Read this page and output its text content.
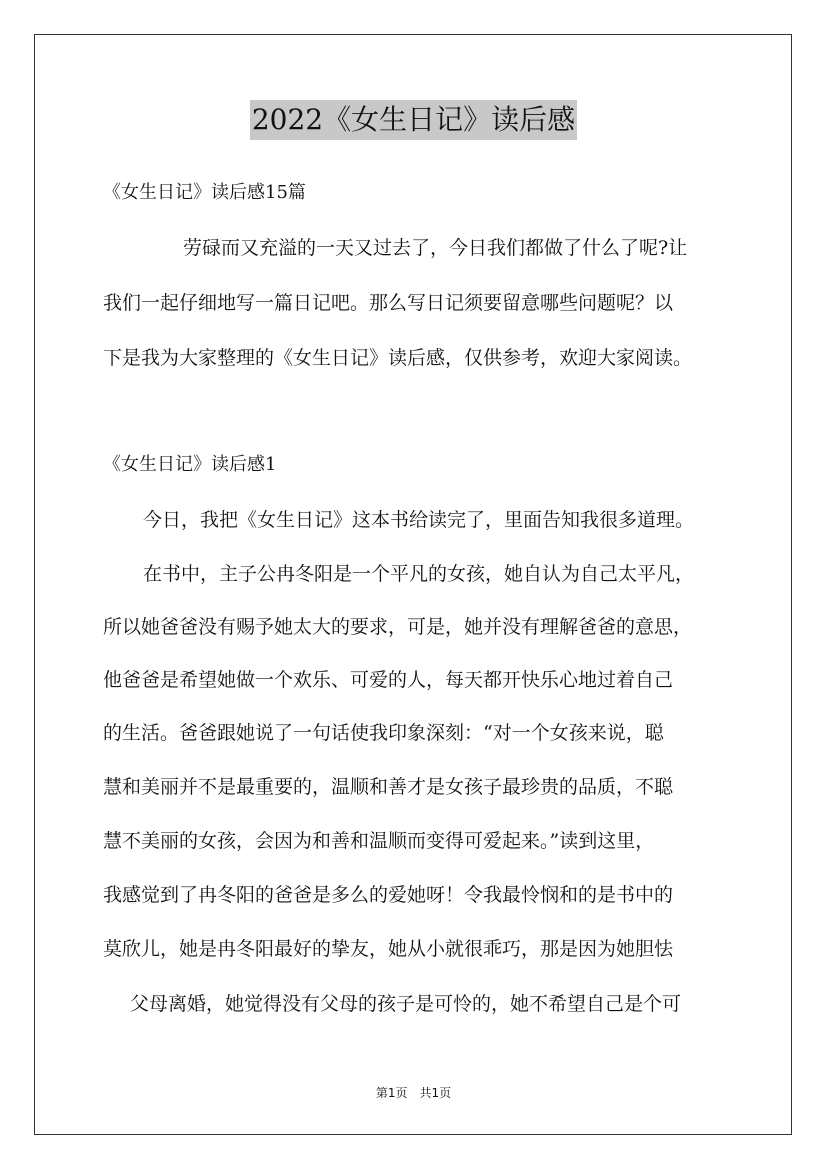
2022《女生日记》读后感
《女生日记》读后感15篇
劳碌而又充溢的一天又过去了，今日我们都做了什么了呢?让
我们一起仔细地写一篇日记吧。那么写日记须要留意哪些问题呢？以
下是我为大家整理的《女生日记》读后感，仅供参考，欢迎大家阅读。
《女生日记》读后感1
今日，我把《女生日记》这本书给读完了，里面告知我很多道理。
在书中，主子公冉冬阳是一个平凡的女孩，她自认为自己太平凡，
所以她爸爸没有赐予她太大的要求，可是，她并没有理解爸爸的意思，
他爸爸是希望她做一个欢乐、可爱的人，每天都开快乐心地过着自己
的生活。爸爸跟她说了一句话使我印象深刻：“对一个女孩来说，聪
慧和美丽并不是最重要的，温顺和善才是女孩子最珍贵的品质，不聪
慧不美丽的女孩，会因为和善和温顺而变得可爱起来。”读到这里，
我感觉到了冉冬阳的爸爸是多么的爱她呀！令我最怜悯和的是书中的
莫欣儿，她是冉冬阳最好的挚友，她从小就很乖巧，那是因为她胆怯
父母离婚，她觉得没有父母的孩子是可怜的，她不希望自己是个可
第1页　共1页
